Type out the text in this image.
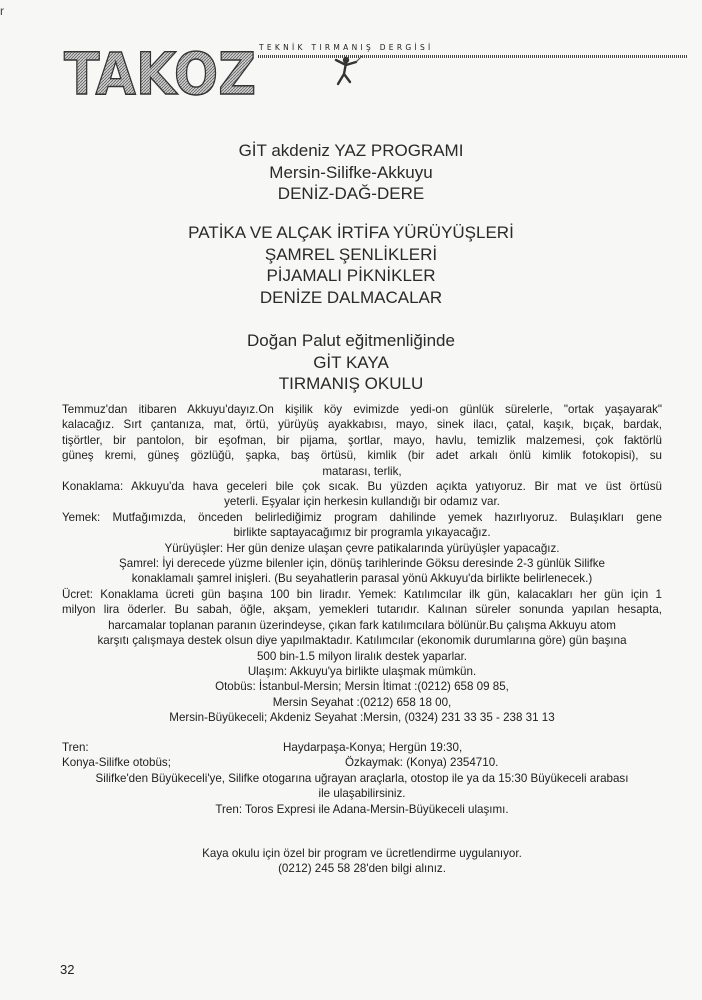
r
TAKOZ TEKNİK TIRMANIŞ DERGİSİ
GİT akdeniz YAZ PROGRAMI
Mersin-Silifke-Akkuyu
DENİZ-DAĞ-DERE
PATİKA VE ALÇAK İRTİFA YÜRÜYÜŞLERİ
ŞAMREL ŞENLİKLERİ
PİJAMALI PİKNİKLER
DENİZE DALMACALAR
Doğan Palut eğitmenliğinde
GİT KAYA
TIRMANIŞ OKULU
Temmuz'dan itibaren Akkuyu'dayız.On kişilik köy evimizde yedi-on günlük sürelerle, "ortak yaşayarak"
kalacağız. Sırt çantanıza, mat, örtü, yürüyüş ayakkabısı, mayo, sinek ilacı, çatal, kaşık, bıçak, bardak,
tişörtler, bir pantolon, bir eşofman, bir pijama, şortlar, mayo, havlu, temizlik malzemesi, çok faktörlü
güneş kremi, güneş gözlüğü, şapka, baş örtüsü, kimlik (bir adet arkalı önlü kimlik fotokopisi), su
matarası, terlik,
Konaklama: Akkuyu'da hava geceleri bile çok sıcak. Bu yüzden açıkta yatıyoruz. Bir mat ve üst örtüsü
yeterli. Eşyalar için herkesin kullandığı bir odamız var.
Yemek: Mutfağımızda, önceden belirlediğimiz program dahilinde yemek hazırlıyoruz. Bulaşıkları gene
birlikte saptayacağımız bir programla yıkayacağız.
Yürüyüşler: Her gün denize ulaşan çevre patikalarında yürüyüşler yapacağız.
Şamrel: İyi derecede yüzme bilenler için, dönüş tarihlerinde Göksu deresinde 2-3 günlük Silifke
konaklamalı şamrel inişleri. (Bu seyahatlerin parasal yönü Akkuyu'da birlikte belirlenecek.)
Ücret: Konaklama ücreti gün başına 100 bin liradır. Yemek: Katılımcılar ilk gün, kalacakları her gün için 1
milyon lira öderler. Bu sabah, öğle, akşam, yemekleri tutarıdır. Kalınan süreler sonunda yapılan hesapta,
harcamalar toplanan paranın üzerindeyse, çıkan fark katılımcılara bölünür.Bu çalışma Akkuyu atom
karşıtı çalışmaya destek olsun diye yapılmaktadır. Katılımcılar (ekonomik durumlarına göre) gün başına
500 bin-1.5 milyon liralık destek yaparlar.
Ulaşım: Akkuyu'ya birlikte ulaşmak mümkün.
Otobüs: İstanbul-Mersin; Mersin İtimat :(0212) 658 09 85,
Mersin Seyahat :(0212) 658 18 00,
Mersin-Büyükeceli; Akdeniz Seyahat :Mersin, (0324) 231 33 35 - 238 31 13
Tren:	Haydarpaşa-Konya; Hergün 19:30,
Konya-Silifke otobüs;	Özkaymak: (Konya) 2354710.
Silifke'den Büyükeceli'ye, Silifke otogarına uğrayan araçlarla, otostop ile ya da 15:30 Büyükeceli arabası
ile ulaşabilirsiniz.
Tren: Toros Expresi ile Adana-Mersin-Büyükeceli ulaşımı.
Kaya okulu için özel bir program ve ücretlendirme uygulanıyor.
(0212) 245 58 28'den bilgi alınız.
32
